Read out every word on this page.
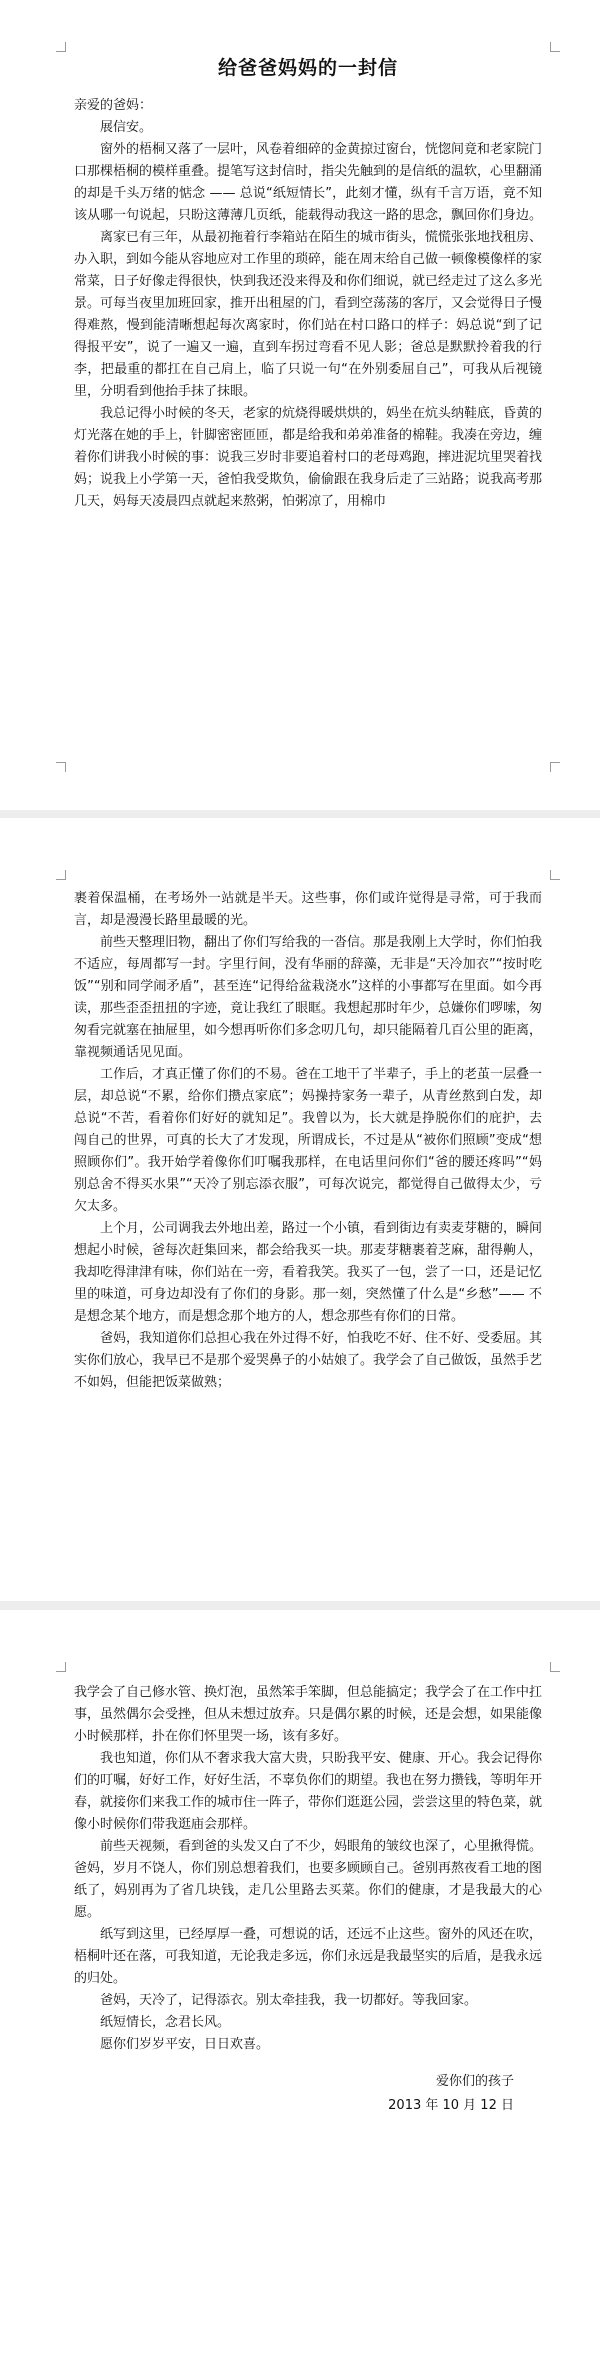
给爸爸妈妈的一封信

亲爱的爸妈：

展信安。

窗外的梧桐又落了一层叶，风卷着细碎的金黄掠过窗台，恍惚间竟和老家院门口那棵梧桐的模样重叠。提笔写这封信时，指尖先触到的是信纸的温软，心里翻涌的却是千头万绪的惦念 —— 总说“纸短情长”，此刻才懂，纵有千言万语，竟不知该从哪一句说起，只盼这薄薄几页纸，能载得动我这一路的思念，飘回你们身边。

离家已有三年，从最初拖着行李箱站在陌生的城市街头，慌慌张张地找租房、办入职，到如今能从容地应对工作里的琐碎，能在周末给自己做一顿像模像样的家常菜，日子好像走得很快，快到我还没来得及和你们细说，就已经走过了这么多光景。可每当夜里加班回家，推开出租屋的门，看到空荡荡的客厅，又会觉得日子慢得难熬，慢到能清晰想起每次离家时，你们站在村口路口的样子：妈总说“到了记得报平安”，说了一遍又一遍，直到车拐过弯看不见人影；爸总是默默拎着我的行李，把最重的都扛在自己肩上，临了只说一句“在外别委屈自己”，可我从后视镜里，分明看到他抬手抹了抹眼。

我总记得小时候的冬天，老家的炕烧得暖烘烘的，妈坐在炕头纳鞋底，昏黄的灯光落在她的手上，针脚密密匝匝，都是给我和弟弟准备的棉鞋。我凑在旁边，缠着你们讲我小时候的事：说我三岁时非要追着村口的老母鸡跑，摔进泥坑里哭着找妈；说我上小学第一天，爸怕我受欺负，偷偷跟在我身后走了三站路；说我高考那几天，妈每天凌晨四点就起来熬粥，怕粥凉了，用棉巾

裹着保温桶，在考场外一站就是半天。这些事，你们或许觉得是寻常，可于我而言，却是漫漫长路里最暖的光。

前些天整理旧物，翻出了你们写给我的一沓信。那是我刚上大学时，你们怕我不适应，每周都写一封。字里行间，没有华丽的辞藻，无非是“天冷加衣”“按时吃饭”“别和同学闹矛盾”，甚至连“记得给盆栽浇水”这样的小事都写在里面。如今再读，那些歪歪扭扭的字迹，竟让我红了眼眶。我想起那时年少，总嫌你们啰嗦，匆匆看完就塞在抽屉里，如今想再听你们多念叨几句，却只能隔着几百公里的距离，靠视频通话见见面。

工作后，才真正懂了你们的不易。爸在工地干了半辈子，手上的老茧一层叠一层，却总说“不累，给你们攒点家底”；妈操持家务一辈子，从青丝熬到白发，却总说“不苦，看着你们好好的就知足”。我曾以为，长大就是挣脱你们的庇护，去闯自己的世界，可真的长大了才发现，所谓成长，不过是从“被你们照顾”变成“想照顾你们”。我开始学着像你们叮嘱我那样，在电话里问你们“爸的腰还疼吗”“妈别总舍不得买水果”“天冷了别忘添衣服”，可每次说完，都觉得自己做得太少，亏欠太多。

上个月，公司调我去外地出差，路过一个小镇，看到街边有卖麦芽糖的，瞬间想起小时候，爸每次赶集回来，都会给我买一块。那麦芽糖裹着芝麻，甜得齁人，我却吃得津津有味，你们站在一旁，看着我笑。我买了一包，尝了一口，还是记忆里的味道，可身边却没有了你们的身影。那一刻，突然懂了什么是“乡愁”—— 不是想念某个地方，而是想念那个地方的人，想念那些有你们的日常。

爸妈，我知道你们总担心我在外过得不好，怕我吃不好、住不好、受委屈。其实你们放心，我早已不是那个爱哭鼻子的小姑娘了。我学会了自己做饭，虽然手艺不如妈，但能把饭菜做熟；

我学会了自己修水管、换灯泡，虽然笨手笨脚，但总能搞定；我学会了在工作中扛事，虽然偶尔会受挫，但从未想过放弃。只是偶尔累的时候，还是会想，如果能像小时候那样，扑在你们怀里哭一场，该有多好。

我也知道，你们从不奢求我大富大贵，只盼我平安、健康、开心。我会记得你们的叮嘱，好好工作，好好生活，不辜负你们的期望。我也在努力攒钱，等明年开春，就接你们来我工作的城市住一阵子，带你们逛逛公园，尝尝这里的特色菜，就像小时候你们带我逛庙会那样。

前些天视频，看到爸的头发又白了不少，妈眼角的皱纹也深了，心里揪得慌。爸妈，岁月不饶人，你们别总想着我们，也要多顾顾自己。爸别再熬夜看工地的图纸了，妈别再为了省几块钱，走几公里路去买菜。你们的健康，才是我最大的心愿。

纸写到这里，已经厚厚一叠，可想说的话，还远不止这些。窗外的风还在吹，梧桐叶还在落，可我知道，无论我走多远，你们永远是我最坚实的后盾，是我永远的归处。

爸妈，天冷了，记得添衣。别太牵挂我，我一切都好。等我回家。

纸短情长，念君长风。

愿你们岁岁平安，日日欢喜。

爱你们的孩子
2013 年 10 月 12 日
